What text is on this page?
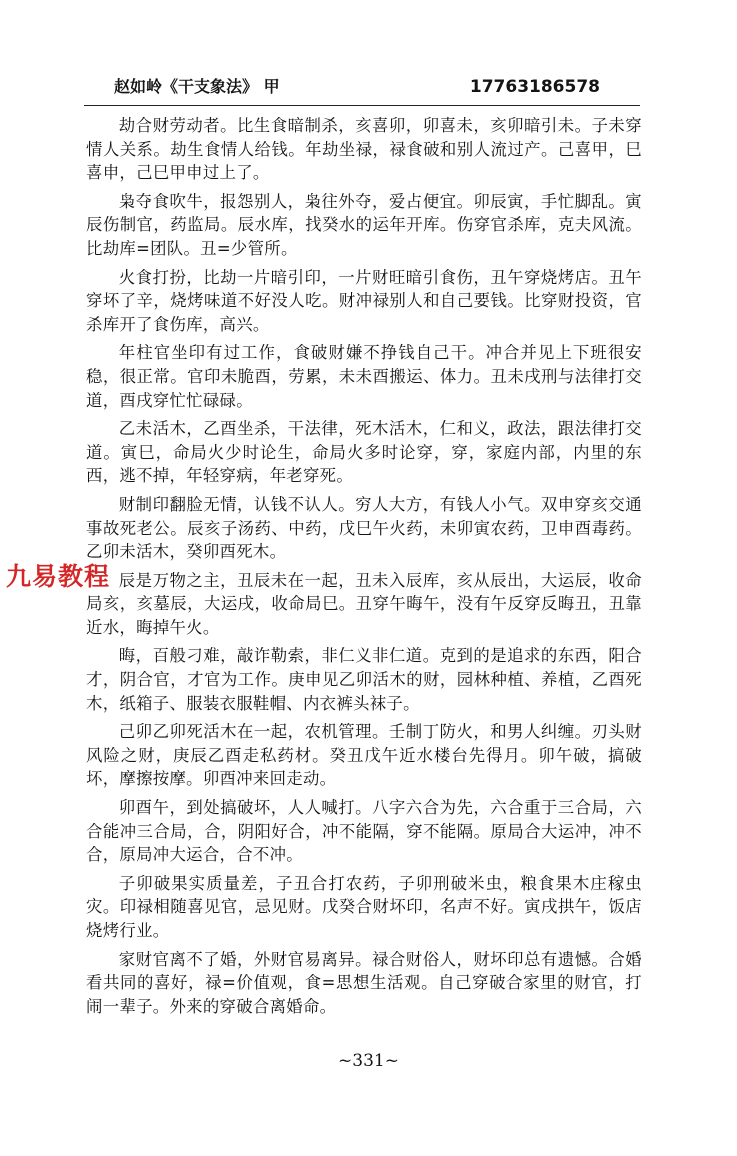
赵如岭《干支象法》 甲	17763186578

劫合财劳动者。比生食暗制杀，亥喜卯，卯喜未，亥卯暗引未。子未穿情人关系。劫生食情人给钱。年劫坐禄，禄食破和别人流过产。己喜甲，巳喜申，己巳甲申过上了。

枭夺食吹牛，报怨别人，枭往外夺，爱占便宜。卯辰寅，手忙脚乱。寅辰伤制官，药监局。辰水库，找癸水的运年开库。伤穿官杀库，克夫风流。比劫库=团队。丑=少管所。

火食打扮，比劫一片暗引印，一片财旺暗引食伤，丑午穿烧烤店。丑午穿坏了辛，烧烤味道不好没人吃。财冲禄别人和自己要钱。比穿财投资，官杀库开了食伤库，高兴。

年柱官坐印有过工作，食破财嫌不挣钱自己干。冲合并见上下班很安稳，很正常。官印未脆酉，劳累，未未酉搬运、体力。丑未戌刑与法律打交道，酉戌穿忙忙碌碌。

乙未活木，乙酉坐杀，干法律，死木活木，仁和义，政法，跟法律打交道。寅巳，命局火少时论生，命局火多时论穿，穿，家庭内部，内里的东西，逃不掉，年轻穿病，年老穿死。

财制印翻脸无情，认钱不认人。穷人大方，有钱人小气。双申穿亥交通事故死老公。辰亥子汤药、中药，戊巳午火药，未卯寅农药，卫申酉毒药。乙卯未活木，癸卯酉死木。

辰是万物之主，丑辰未在一起，丑未入辰库，亥从辰出，大运辰，收命局亥，亥墓辰，大运戌，收命局巳。丑穿午晦午，没有午反穿反晦丑，丑靠近水，晦掉午火。

晦，百般刁难，敲诈勒索，非仁义非仁道。克到的是追求的东西，阳合才，阴合官，才官为工作。庚申见乙卯活木的财，园林种植、养植，乙酉死木，纸箱子、服装衣服鞋帽、内衣裤头袜子。

己卯乙卯死活木在一起，农机管理。壬制丁防火，和男人纠缠。刃头财风险之财，庚辰乙酉走私药材。癸丑戊午近水楼台先得月。卯午破，搞破坏，摩擦按摩。卯酉冲来回走动。

卯酉午，到处搞破坏，人人喊打。八字六合为先，六合重于三合局，六合能冲三合局，合，阴阳好合，冲不能隔，穿不能隔。原局合大运冲，冲不合，原局冲大运合，合不冲。

子卯破果实质量差，子丑合打农药，子卯刑破米虫，粮食果木庄稼虫灾。印禄相随喜见官，忌见财。戊癸合财坏印，名声不好。寅戌拱午，饭店烧烤行业。

家财官离不了婚，外财官易离异。禄合财俗人，财坏印总有遗憾。合婚看共同的喜好，禄=价值观，食=思想生活观。自己穿破合家里的财官，打闹一辈子。外来的穿破合离婚命。

九易教程
~331~
